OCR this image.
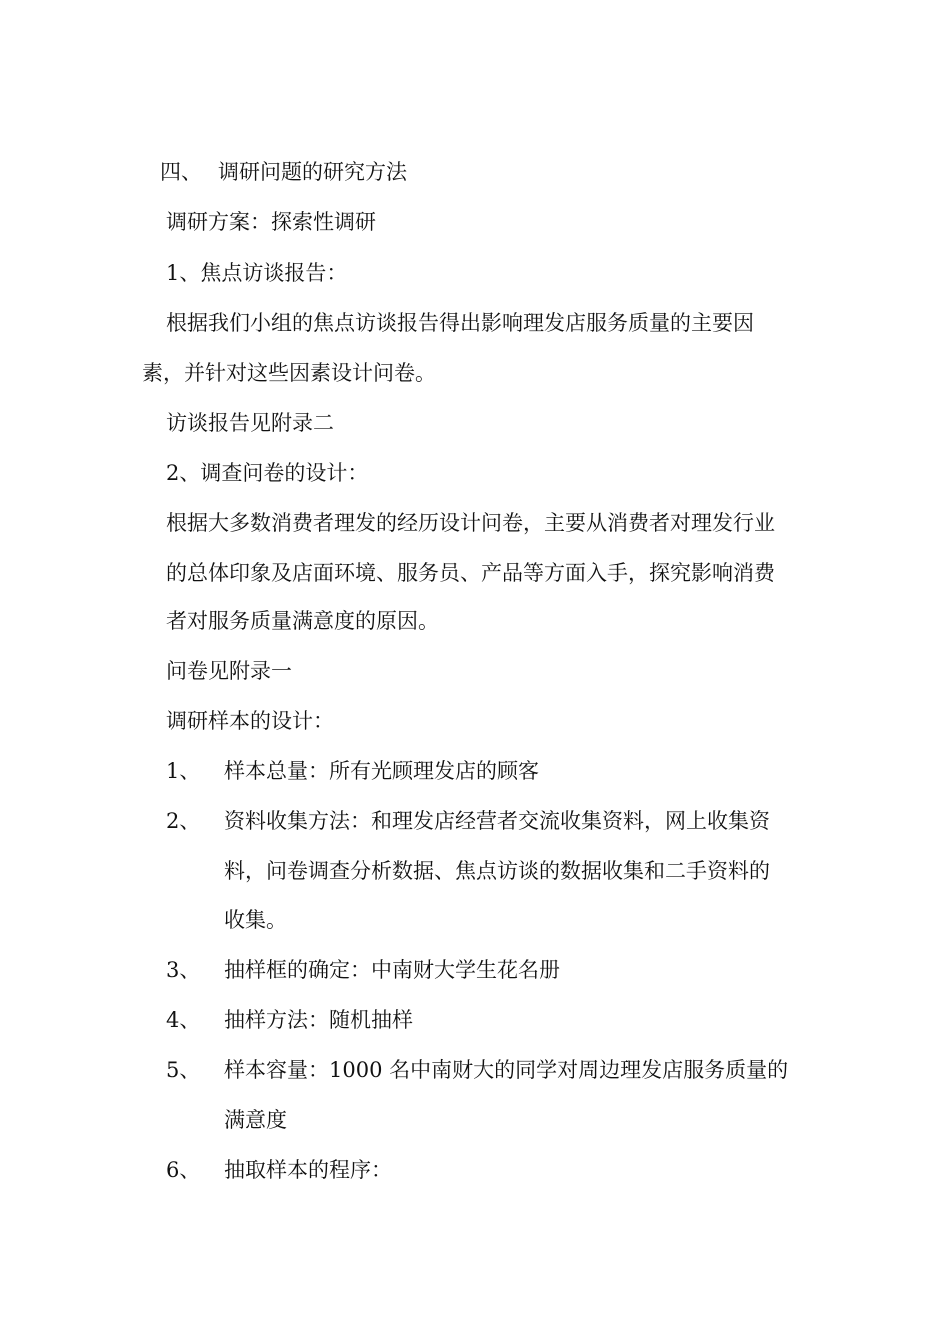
四、 调研问题的研究方法
调研方案：探索性调研
1、焦点访谈报告：
根据我们小组的焦点访谈报告得出影响理发店服务质量的主要因
素，并针对这些因素设计问卷。
访谈报告见附录二
2、调查问卷的设计：
根据大多数消费者理发的经历设计问卷，主要从消费者对理发行业
的总体印象及店面环境、服务员、产品等方面入手，探究影响消费
者对服务质量满意度的原因。
问卷见附录一
调研样本的设计：
1、 样本总量：所有光顾理发店的顾客
2、 资料收集方法：和理发店经营者交流收集资料，网上收集资
料，问卷调查分析数据、焦点访谈的数据收集和二手资料的
收集。
3、 抽样框的确定：中南财大学生花名册
4、 抽样方法：随机抽样
5、 样本容量：1000 名中南财大的同学对周边理发店服务质量的
满意度
6、 抽取样本的程序：
